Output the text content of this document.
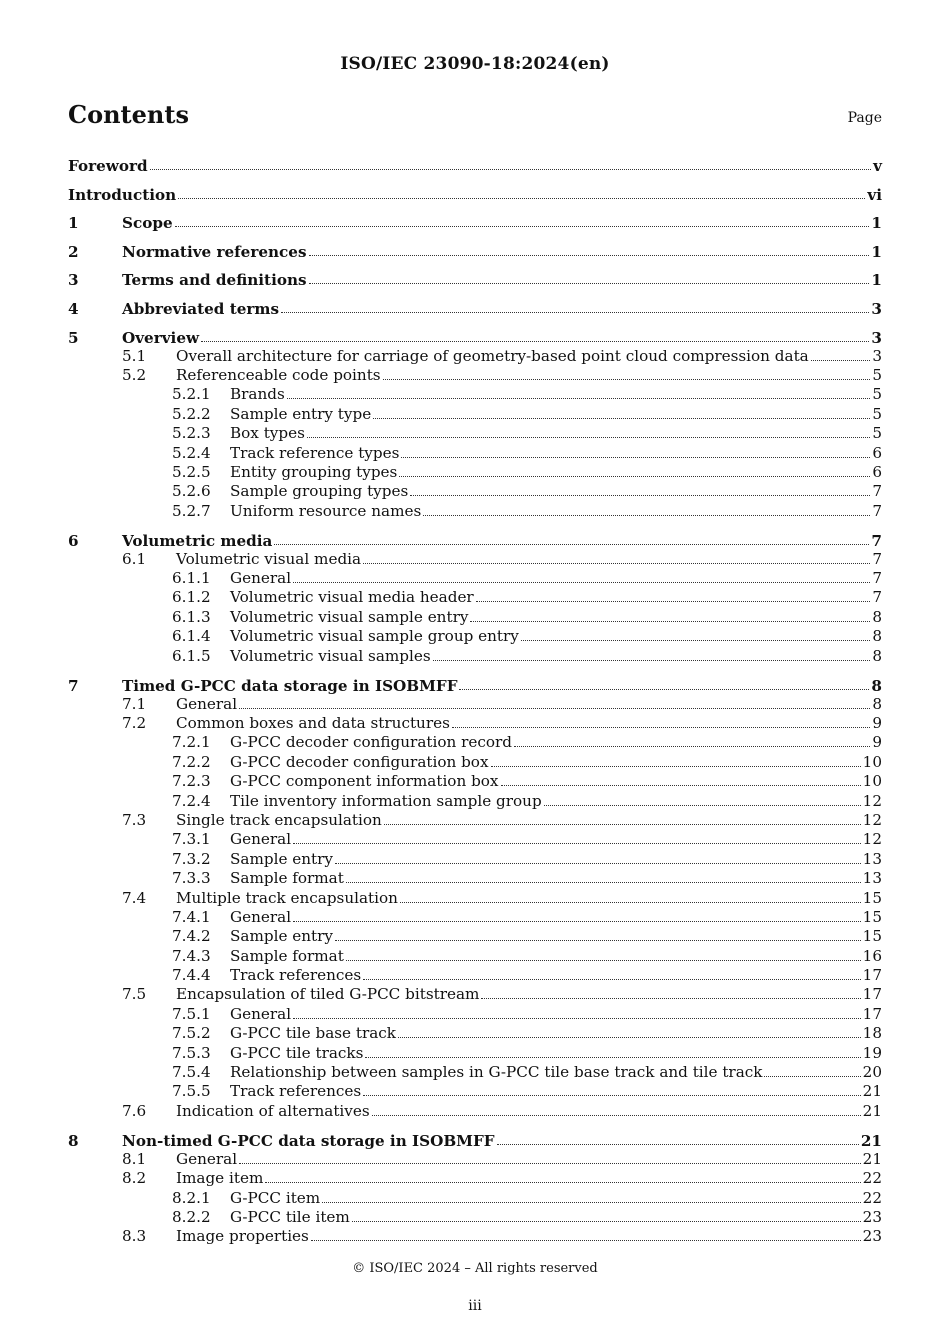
ISO/IEC 23090-18:2024(en)
Contents	Page
Foreword	v
Introduction	vi
1	Scope	1
2	Normative references	1
3	Terms and definitions	1
4	Abbreviated terms	3
5	Overview	3
5.1	Overall architecture for carriage of geometry-based point cloud compression data	3
5.2	Referenceable code points	5
5.2.1	Brands	5
5.2.2	Sample entry type	5
5.2.3	Box types	5
5.2.4	Track reference types	6
5.2.5	Entity grouping types	6
5.2.6	Sample grouping types	7
5.2.7	Uniform resource names	7
6	Volumetric media	7
6.1	Volumetric visual media	7
6.1.1	General	7
6.1.2	Volumetric visual media header	7
6.1.3	Volumetric visual sample entry	8
6.1.4	Volumetric visual sample group entry	8
6.1.5	Volumetric visual samples	8
7	Timed G-PCC data storage in ISOBMFF	8
7.1	General	8
7.2	Common boxes and data structures	9
7.2.1	G-PCC decoder configuration record	9
7.2.2	G-PCC decoder configuration box	10
7.2.3	G-PCC component information box	10
7.2.4	Tile inventory information sample group	12
7.3	Single track encapsulation	12
7.3.1	General	12
7.3.2	Sample entry	13
7.3.3	Sample format	13
7.4	Multiple track encapsulation	15
7.4.1	General	15
7.4.2	Sample entry	15
7.4.3	Sample format	16
7.4.4	Track references	17
7.5	Encapsulation of tiled G-PCC bitstream	17
7.5.1	General	17
7.5.2	G-PCC tile base track	18
7.5.3	G-PCC tile tracks	19
7.5.4	Relationship between samples in G-PCC tile base track and tile track	20
7.5.5	Track references	21
7.6	Indication of alternatives	21
8	Non-timed G-PCC data storage in ISOBMFF	21
8.1	General	21
8.2	Image item	22
8.2.1	G-PCC item	22
8.2.2	G-PCC tile item	23
8.3	Image properties	23
© ISO/IEC 2024 – All rights reserved
iii
